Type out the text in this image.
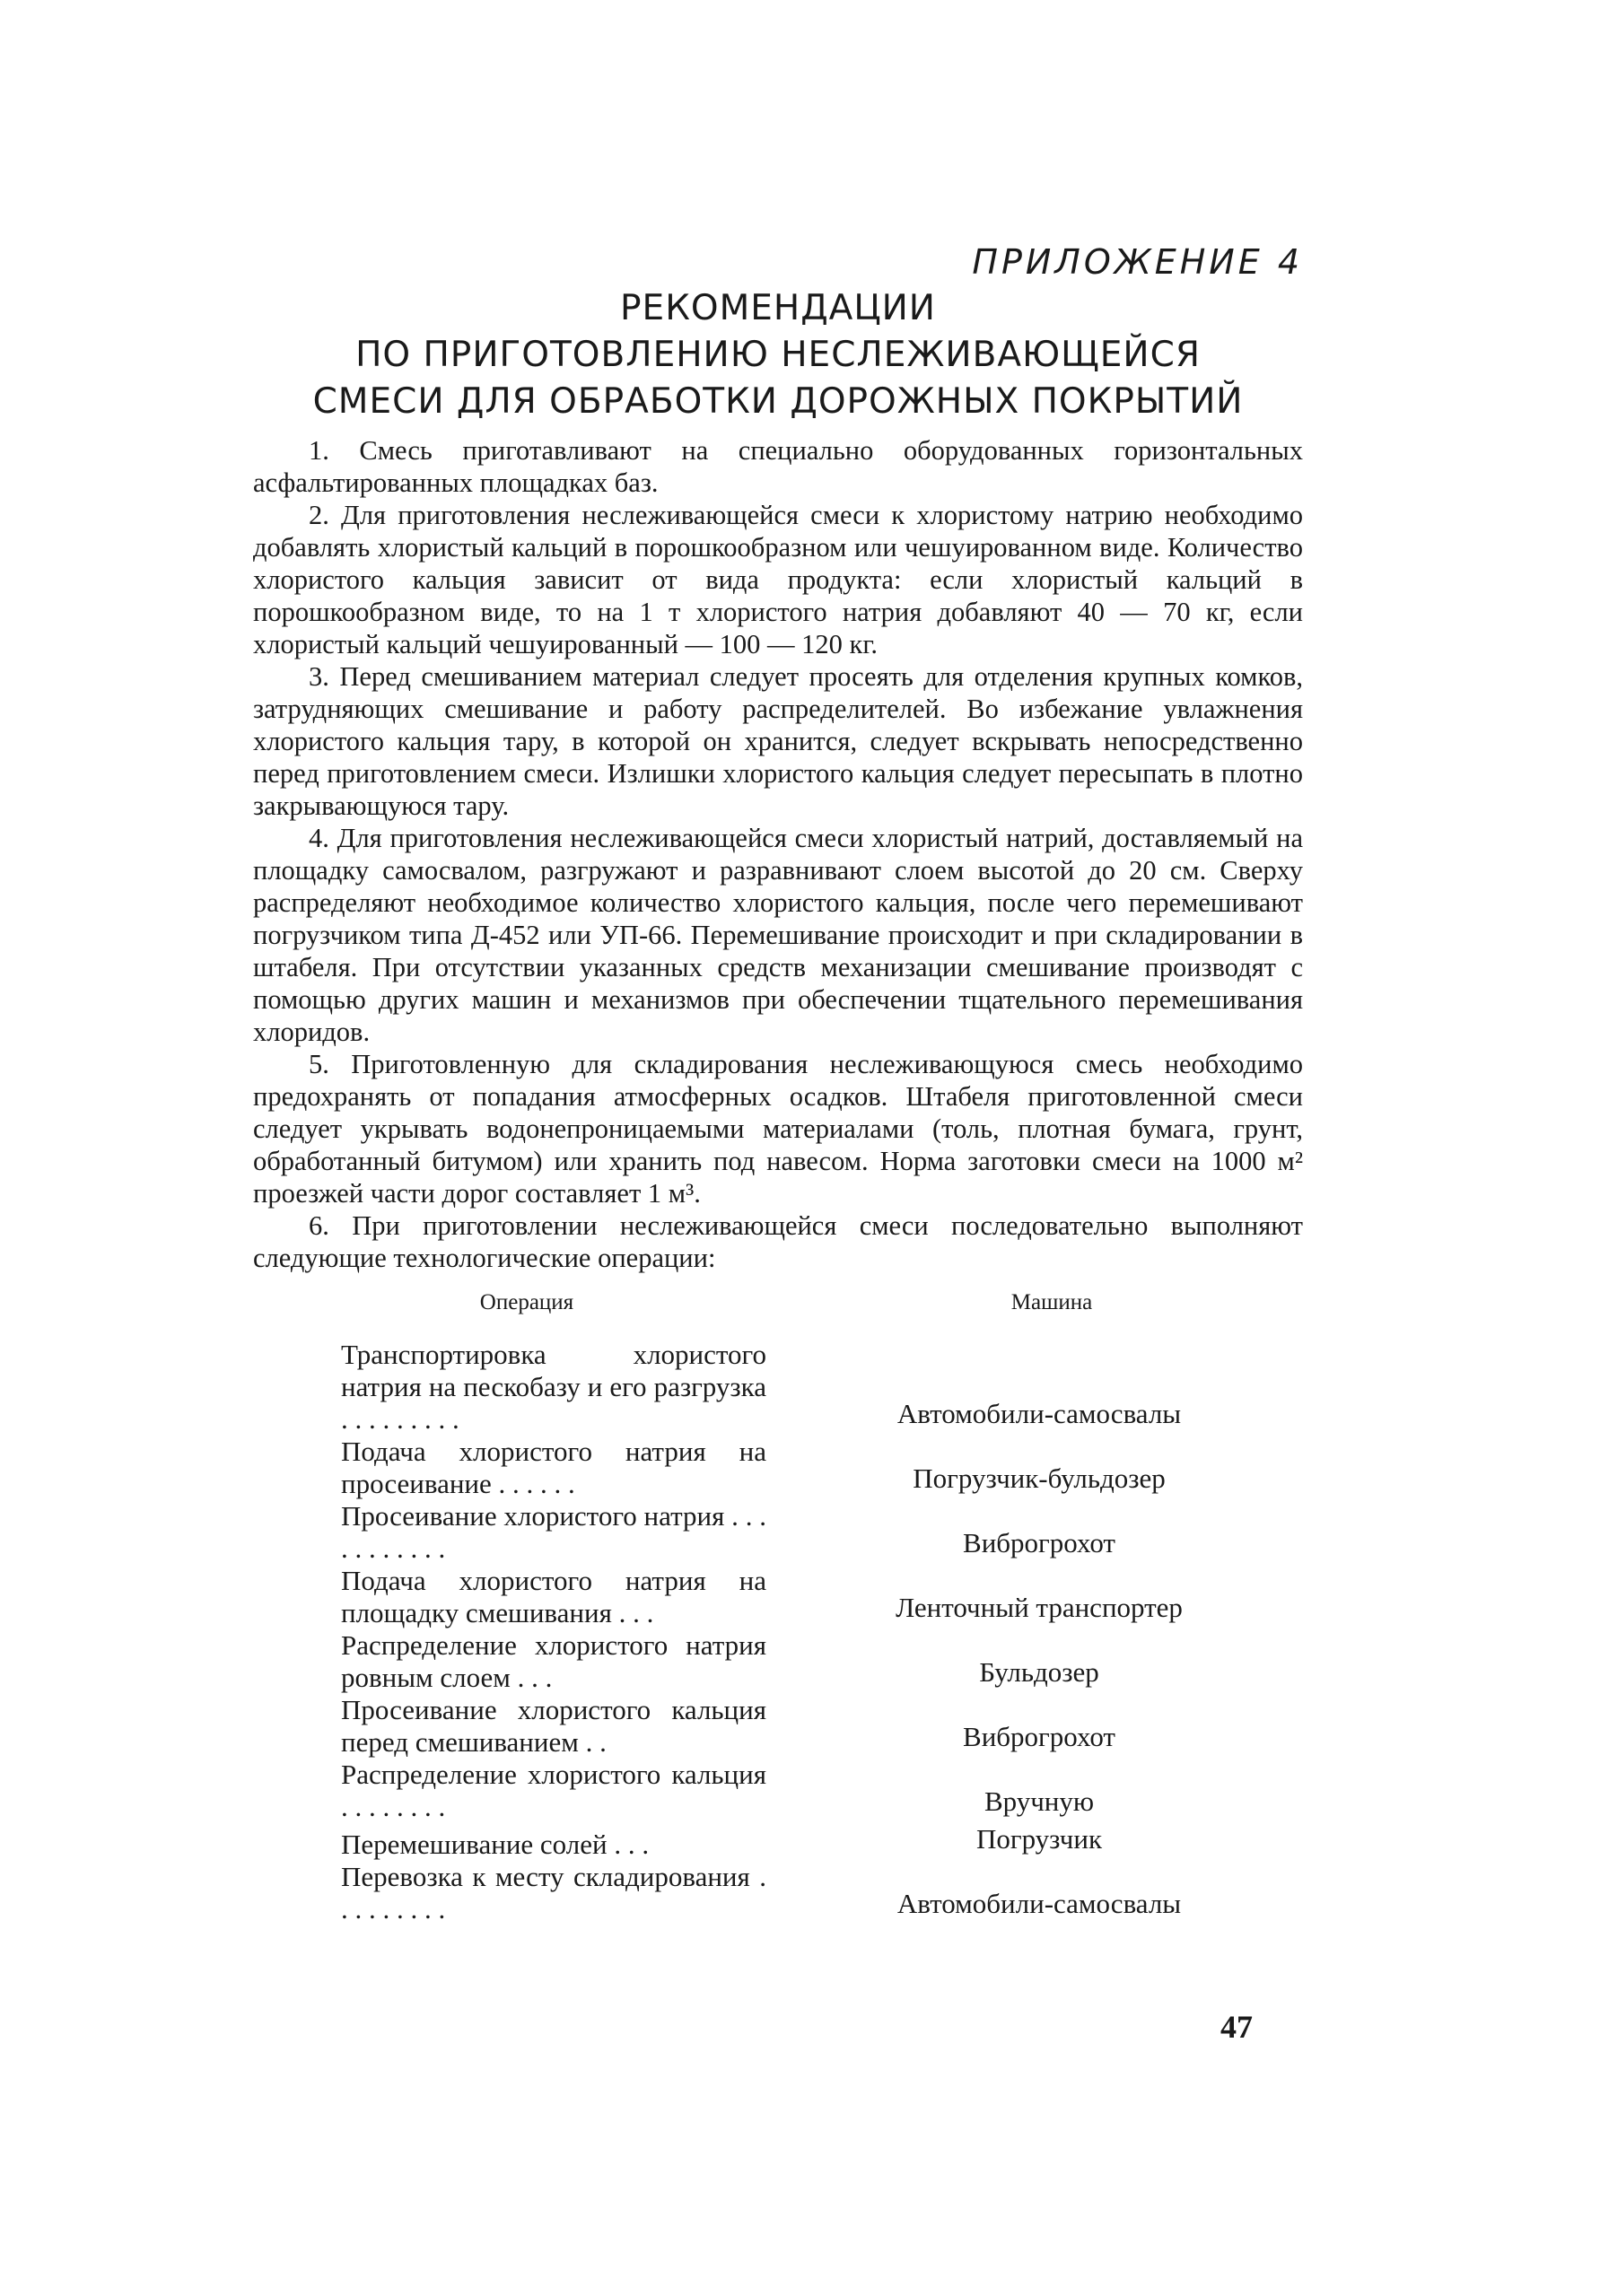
ПРИЛОЖЕНИЕ 4
РЕКОМЕНДАЦИИ
ПО ПРИГОТОВЛЕНИЮ НЕСЛЕЖИВАЮЩЕЙСЯ
СМЕСИ ДЛЯ ОБРАБОТКИ ДОРОЖНЫХ ПОКРЫТИЙ

1. Смесь приготавливают на специально оборудованных горизонтальных асфальтированных площадках баз.

2. Для приготовления неслеживающейся смеси к хлористому натрию необходимо добавлять хлористый кальций в порошкообразном или чешуированном виде. Количество хлористого кальция зависит от вида продукта: если хлористый кальций в порошкообразном виде, то на 1 т хлористого натрия добавляют 40 — 70 кг, если хлористый кальций чешуированный — 100 — 120 кг.

3. Перед смешиванием материал следует просеять для отделения крупных комков, затрудняющих смешивание и работу распределителей. Во избежание увлажнения хлористого кальция тару, в которой он хранится, следует вскрывать непосредственно перед приготовлением смеси. Излишки хлористого кальция следует пересыпать в плотно закрывающуюся тару.

4. Для приготовления неслеживающейся смеси хлористый натрий, доставляемый на площадку самосвалом, разгружают и разравнивают слоем высотой до 20 см. Сверху распределяют необходимое количество хлористого кальция, после чего перемешивают погрузчиком типа Д-452 или УП-66. Перемешивание происходит и при складировании в штабеля. При отсутствии указанных средств механизации смешивание производят с помощью других машин и механизмов при обеспечении тщательного перемешивания хлоридов.

5. Приготовленную для складирования неслеживающуюся смесь необходимо предохранять от попадания атмосферных осадков. Штабеля приготовленной смеси следует укрывать водонепроницаемыми материалами (толь, плотная бумага, грунт, обработанный битумом) или хранить под навесом. Норма заготовки смеси на 1000 м² проезжей части дорог составляет 1 м³.

6. При приготовлении неслеживающейся смеси последовательно выполняют следующие технологические операции:

Операция	Машина
Транспортировка хлористого натрия на пескобазу и его разгрузка . . . . . . . . .	Автомобили-самосвалы
Подача хлористого натрия на просеивание . . . . . .	Погрузчик-бульдозер
Просеивание хлористого натрия . . . . . . . . . . .	Виброгрохот
Подача хлористого натрия на площадку смешивания . . .	Ленточный транспортер
Распределение хлористого натрия ровным слоем . . .	Бульдозер
Просеивание хлористого кальция перед смешиванием . .	Виброгрохот
Распределение хлористого кальция . . . . . . . .	Вручную
Перемешивание солей . . .	Погрузчик
Перевозка к месту складирования . . . . . . . . .	Автомобили-самосвалы
47
